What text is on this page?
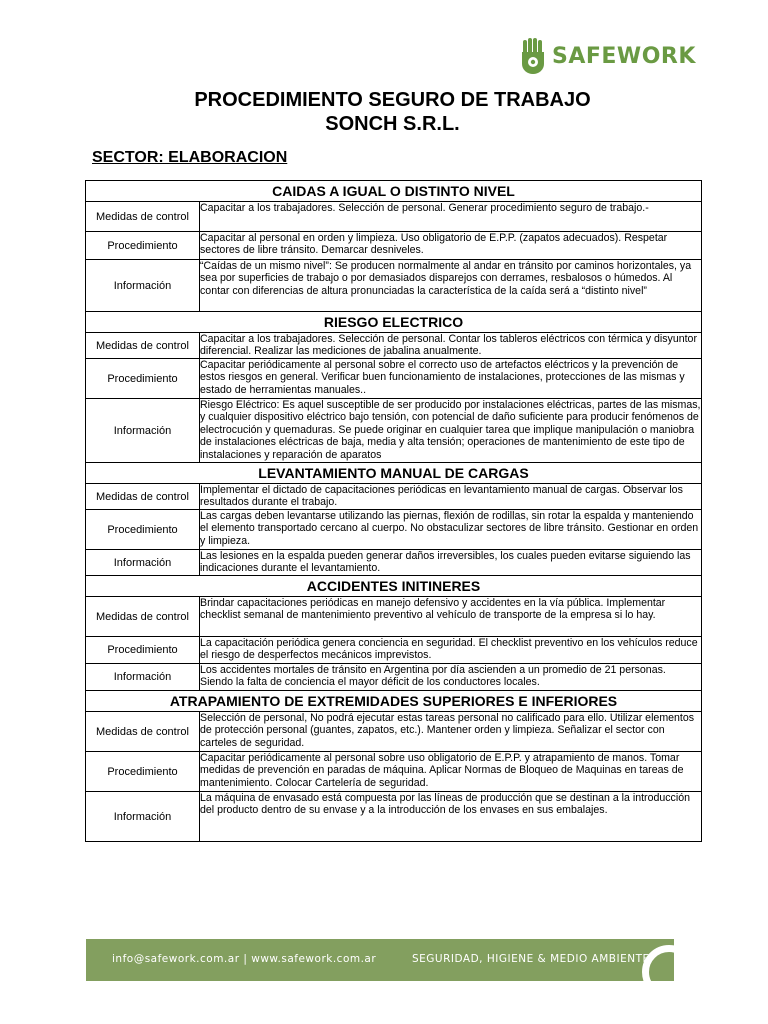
SAFEWORK
PROCEDIMIENTO SEGURO DE TRABAJO
SONCH S.R.L.
SECTOR: ELABORACION
CAIDAS A IGUAL O DISTINTO NIVEL	
Medidas de control	Capacitar a los trabajadores. Selección de personal. Generar procedimiento seguro de trabajo.-
Procedimiento	Capacitar al personal en orden y limpieza. Uso obligatorio de E.P.P. (zapatos adecuados). Respetar sectores de libre tránsito. Demarcar desniveles.
Información	“Caídas de un mismo nivel”: Se producen normalmente al andar en tránsito por caminos horizontales, ya sea por superficies de trabajo o por demasiados disparejos con derrames, resbalosos o húmedos. Al contar con diferencias de altura pronunciadas la característica de la caída será a “distinto nivel”
RIESGO ELECTRICO	
Medidas de control	Capacitar a los trabajadores. Selección de personal. Contar los tableros eléctricos con térmica y disyuntor diferencial. Realizar las mediciones de jabalina anualmente.
Procedimiento	Capacitar periódicamente al personal sobre el correcto uso de artefactos eléctricos y la prevención de estos riesgos en general. Verificar buen funcionamiento de instalaciones, protecciones de las mismas y estado de herramientas manuales..
Información	Riesgo Eléctrico: Es aquel susceptible de ser producido por instalaciones eléctricas, partes de las mismas, y cualquier dispositivo eléctrico bajo tensión, con potencial de daño suficiente para producir fenómenos de electrocución y quemaduras. Se puede originar en cualquier tarea que implique manipulación o maniobra de instalaciones eléctricas de baja, media y alta tensión; operaciones de mantenimiento de este tipo de instalaciones y reparación de aparatos
LEVANTAMIENTO MANUAL DE CARGAS	
Medidas de control	Implementar el dictado de capacitaciones periódicas en levantamiento manual de cargas. Observar los resultados durante el trabajo.
Procedimiento	Las cargas deben levantarse utilizando las piernas, flexión de rodillas, sin rotar la espalda y manteniendo el elemento transportado cercano al cuerpo. No obstaculizar sectores de libre tránsito. Gestionar en orden y limpieza.
Información	Las lesiones en la espalda pueden generar daños irreversibles, los cuales pueden evitarse siguiendo las indicaciones durante el levantamiento.
ACCIDENTES INITINERES	
Medidas de control	Brindar capacitaciones periódicas en manejo defensivo y accidentes en la vía pública. Implementar checklist semanal de mantenimiento preventivo al vehículo de transporte de la empresa si lo hay.
Procedimiento	La capacitación periódica genera conciencia en seguridad. El checklist preventivo en los vehículos reduce el riesgo de desperfectos mecánicos imprevistos.
Información	Los accidentes mortales de tránsito en Argentina por día ascienden a un promedio de 21 personas. Siendo la falta de conciencia el mayor déficit de los conductores locales.
ATRAPAMIENTO DE EXTREMIDADES SUPERIORES E INFERIORES	
Medidas de control	Selección de personal, No podrá ejecutar estas tareas personal no calificado para ello. Utilizar elementos de protección personal (guantes, zapatos, etc.). Mantener orden y limpieza. Señalizar el sector con carteles de seguridad.
Procedimiento	Capacitar periódicamente al personal sobre uso obligatorio de E.P.P. y atrapamiento de manos. Tomar medidas de prevención en paradas de máquina. Aplicar Normas de Bloqueo de Maquinas en tareas de mantenimiento. Colocar Cartelería de seguridad.
Información	La máquina de envasado está compuesta por las líneas de producción que se destinan a la introducción del producto dentro de su envase y a la introducción de los envases en sus embalajes.
info@safework.com.ar | www.safework.com.ar	SEGURIDAD, HIGIENE & MEDIO AMBIENTE
